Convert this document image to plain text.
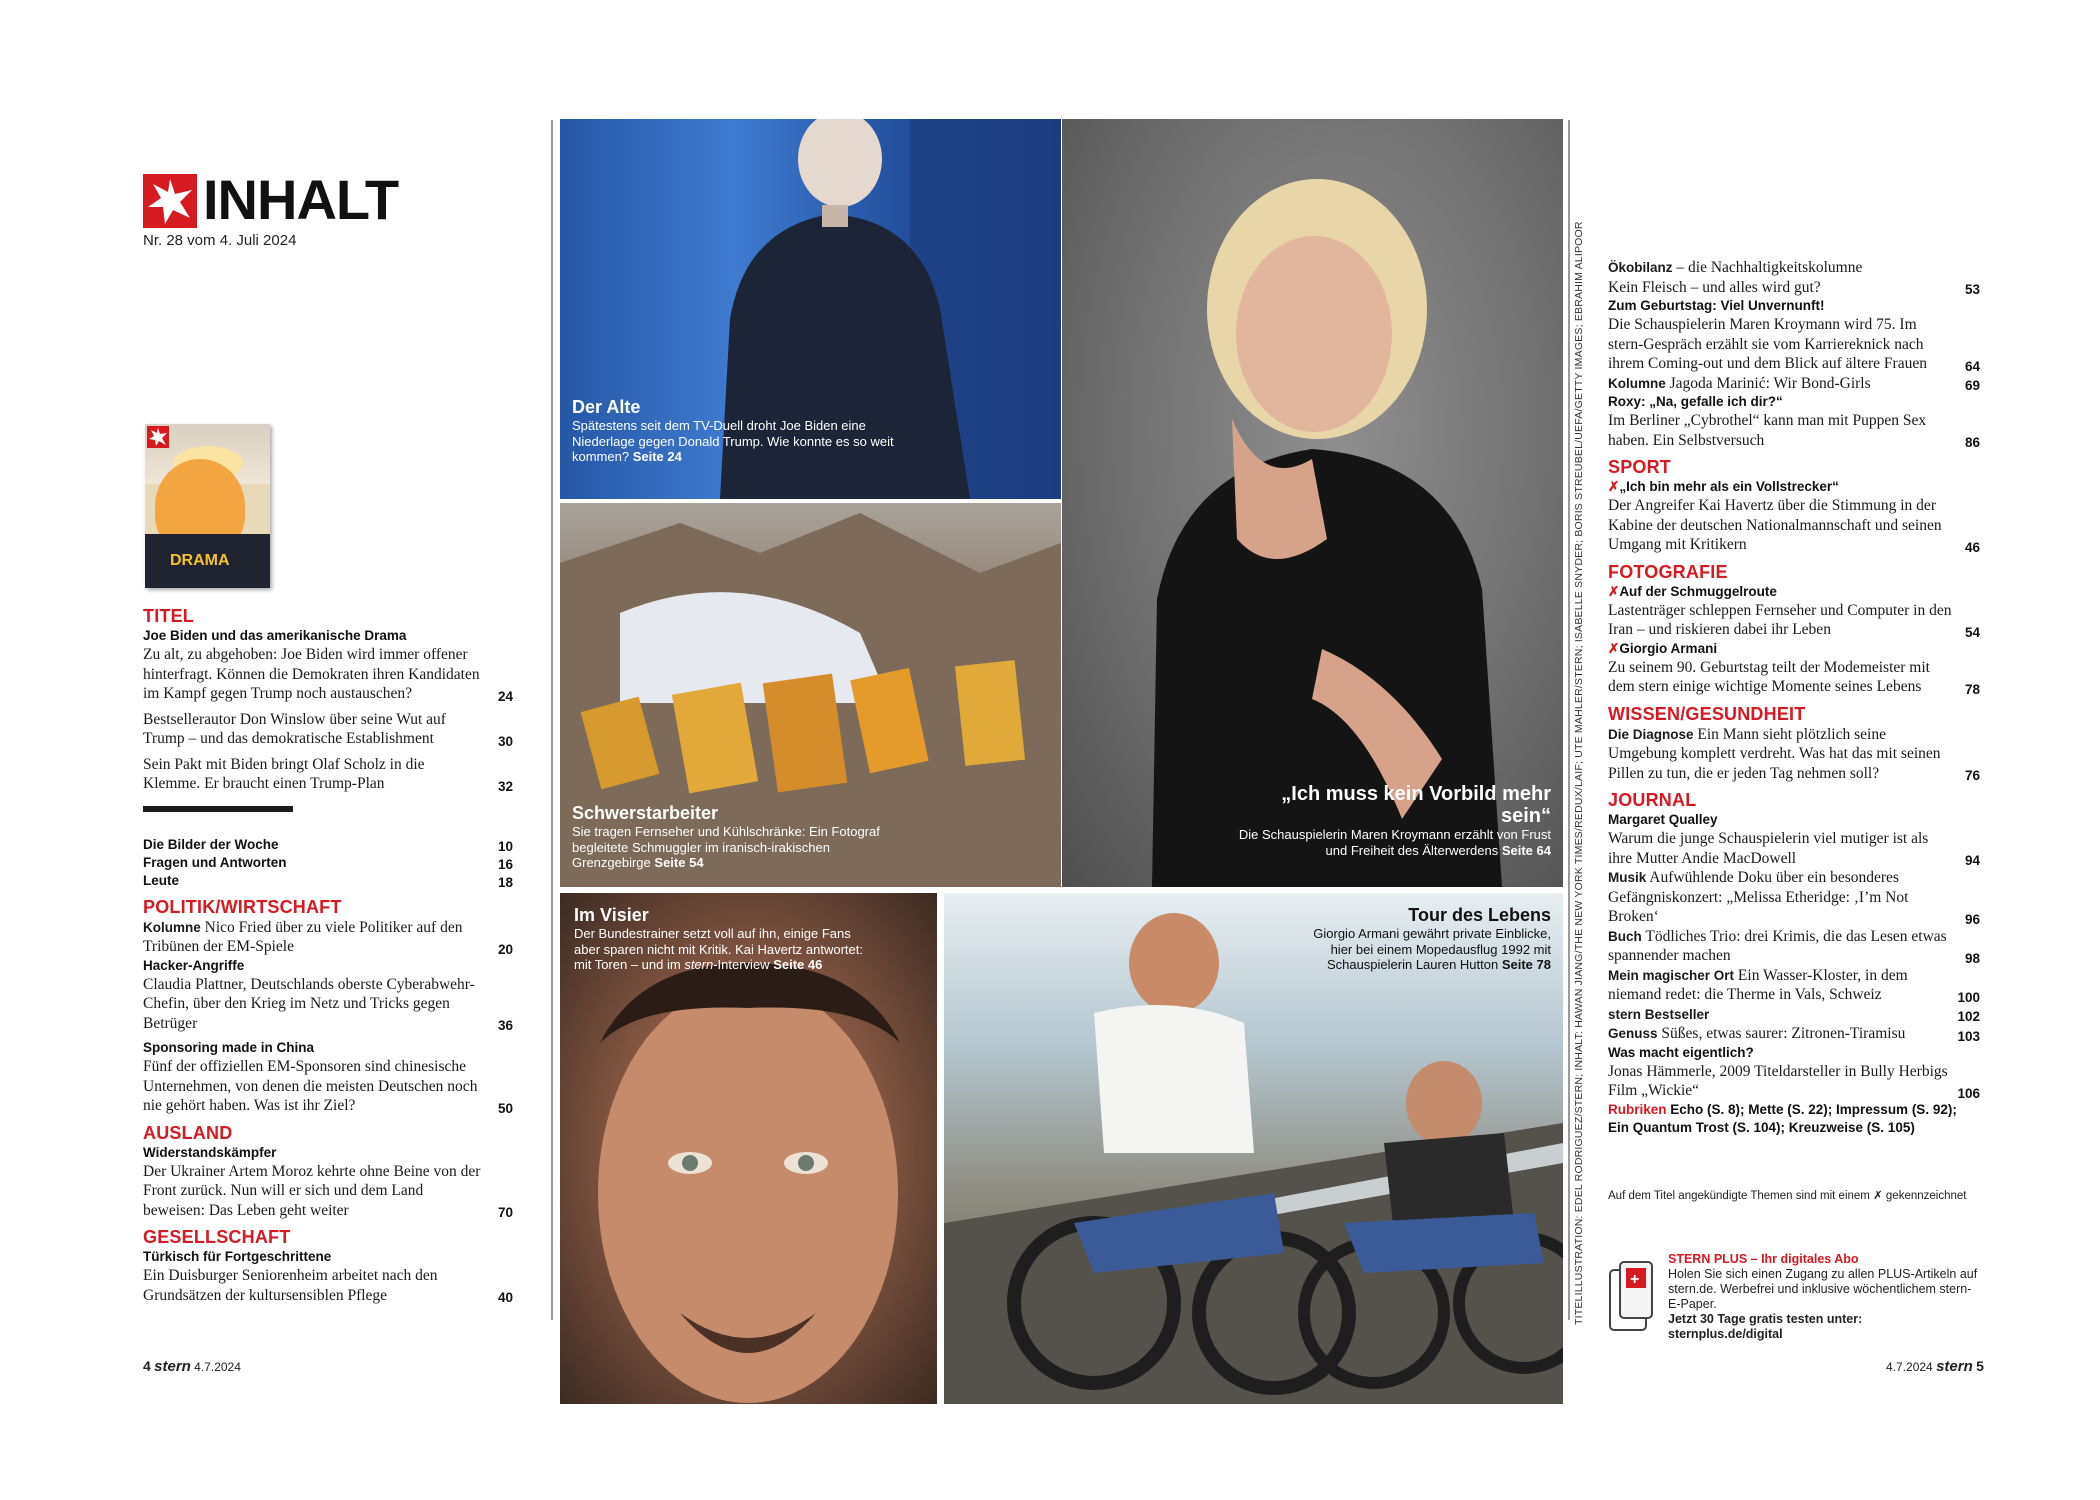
INHALT
Nr. 28 vom 4. Juli 2024
DRAMA
TITEL
Joe Biden und das amerikanische Drama
Zu alt, zu abgehoben: Joe Biden wird immer offener hinterfragt. Können die Demokraten ihren Kandidaten im Kampf gegen Trump noch austauschen?	24
Bestsellerautor Don Winslow über seine Wut auf Trump – und das demokratische Establishment	30
Sein Pakt mit Biden bringt Olaf Scholz in die Klemme. Er braucht einen Trump-Plan	32
Die Bilder der Woche	10
Fragen und Antworten	16
Leute	18
POLITIK/WIRTSCHAFT
Kolumne Nico Fried über zu viele Politiker auf den Tribünen der EM-Spiele	20
Hacker-Angriffe
Claudia Plattner, Deutschlands oberste Cyberabwehr-Chefin, über den Krieg im Netz und Tricks gegen Betrüger	36
Sponsoring made in China
Fünf der offiziellen EM-Sponsoren sind chinesische Unternehmen, von denen die meisten Deutschen noch nie gehört haben. Was ist ihr Ziel?	50
AUSLAND
Widerstandskämpfer
Der Ukrainer Artem Moroz kehrte ohne Beine von der Front zurück. Nun will er sich und dem Land beweisen: Das Leben geht weiter	70
GESELLSCHAFT
Türkisch für Fortgeschrittene
Ein Duisburger Seniorenheim arbeitet nach den Grundsätzen der kultursensiblen Pflege	40
Der Alte
Spätestens seit dem TV-Duell droht Joe Biden eine Niederlage gegen Donald Trump. Wie konnte es so weit kommen? Seite 24
„Ich muss kein Vorbild mehr sein“
Die Schauspielerin Maren Kroymann erzählt von Frust und Freiheit des Älterwerdens Seite 64
Schwerstarbeiter
Sie tragen Fernseher und Kühlschränke: Ein Fotograf begleitete Schmuggler im iranisch-irakischen Grenzgebirge Seite 54
Im Visier
Der Bundestrainer setzt voll auf ihn, einige Fans aber sparen nicht mit Kritik. Kai Havertz antwortet: mit Toren – und im stern-Interview Seite 46
Tour des Lebens
Giorgio Armani gewährt private Einblicke, hier bei einem Mopedausflug 1992 mit Schauspielerin Lauren Hutton Seite 78 TITELILLUSTRATION: EDEL RODRIGUEZ/STERN; INHALT: HAWAN JIANG/THE NEW YORK TIMES/REDUX/LAIF; UTE MAHLER/STERN; ISABELLE SNYDER; BORIS STREUBEL/UEFA/GETTY IMAGES; EBRAHIM ALIPOOR Ökobilanz – die Nachhaltigkeitskolumne
Kein Fleisch – und alles wird gut?	53
Zum Geburtstag: Viel Unvernunft!
Die Schauspielerin Maren Kroymann wird 75. Im stern-Gespräch erzählt sie vom Karriereknick nach ihrem Coming-out und dem Blick auf ältere Frauen	64
Kolumne Jagoda Marinić: Wir Bond-Girls	69
Roxy: „Na, gefalle ich dir?“
Im Berliner „Cybrothel“ kann man mit Puppen Sex haben. Ein Selbstversuch	86
SPORT
✗„Ich bin mehr als ein Vollstrecker“
Der Angreifer Kai Havertz über die Stimmung in der Kabine der deutschen Nationalmannschaft und seinen Umgang mit Kritikern	46
FOTOGRAFIE
✗Auf der Schmuggelroute
Lastenträger schleppen Fernseher und Computer in den Iran – und riskieren dabei ihr Leben	54
✗Giorgio Armani
Zu seinem 90. Geburtstag teilt der Modemeister mit dem stern einige wichtige Momente seines Lebens	78
WISSEN/GESUNDHEIT
Die Diagnose Ein Mann sieht plötzlich seine Umgebung komplett verdreht. Was hat das mit seinen Pillen zu tun, die er jeden Tag nehmen soll?	76
JOURNAL
Margaret Qualley
Warum die junge Schauspielerin viel mutiger ist als ihre Mutter Andie MacDowell	94
Musik Aufwühlende Doku über ein besonderes Gefängniskonzert: „Melissa Etheridge: ‚I’m Not Broken‘	96
Buch Tödliches Trio: drei Krimis, die das Lesen etwas spannender machen	98
Mein magischer Ort Ein Wasser-Kloster, in dem niemand redet: die Therme in Vals, Schweiz	100
stern Bestseller	102
Genuss Süßes, etwas saurer: Zitronen-Tiramisu	103
Was macht eigentlich?
Jonas Hämmerle, 2009 Titeldarsteller in Bully Herbigs Film „Wickie“	106
Rubriken Echo (S. 8); Mette (S. 22); Impressum (S. 92); Ein Quantum Trost (S. 104); Kreuzweise (S. 105)
Auf dem Titel angekündigte Themen sind mit einem ✗ gekennzeichnet
+
STERN PLUS – Ihr digitales Abo
Holen Sie sich einen Zugang zu allen PLUS-Artikeln auf stern.de. Werbefrei und inklusive wöchentlichem stern-E-Paper.
Jetzt 30 Tage gratis testen unter: sternplus.de/digital
4 stern 4.7.2024	4.7.2024 stern 5
